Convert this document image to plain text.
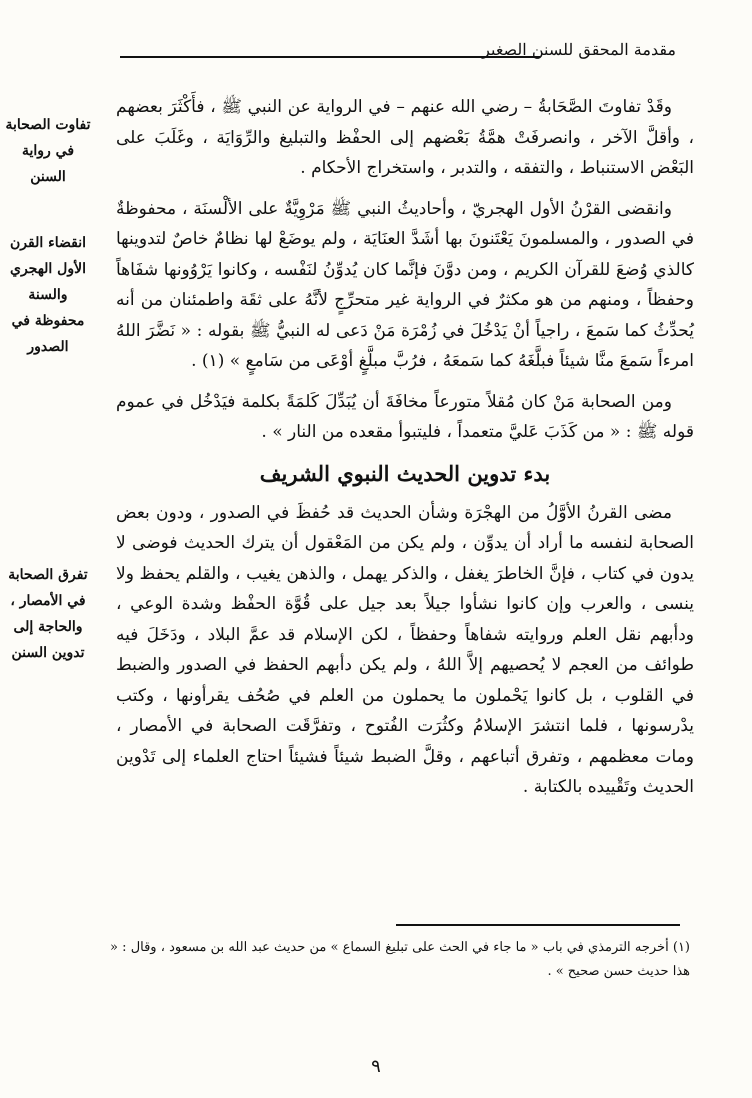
مقدمة المحقق للسنن الصغير
تفاوت الصحابة في رواية السنن
انقضاء القرن الأول الهجري والسنة محفوظة في الصدور
تفرق الصحابة في الأمصار ، والحاجة إلى تدوين السنن

وقَدْ تفاوتَ الصَّحَابةُ – رضي الله عنهم – في الرواية عن النبي ﷺ ، فأَكْثَرَ بعضهم ، وأقلَّ الآخر ، وانصرفَتْ همَّةُ بَعْضهم إلى الحفْظ والتبليغ والرِّوَايَة ، وغَلَبَ على البَعْض الاستنباط ، والتفقه ، والتدبر ، واستخراج الأحكام .

وانقضى القرْنُ الأول الهجريّ ، وأحاديثُ النبي ﷺ مَرْوِيَّةٌ على الألْسنَة ، محفوظةٌ في الصدور ، والمسلمونَ يَعْتَنونَ بها أشَدَّ العنَايَة ، ولم يوضَعْ لها نظامٌ خاصٌ لتدوينها كالذي وُضعَ للقرآن الكريم ، ومن دوَّنَ فإنَّما كان يُدوِّنُ لنَفْسه ، وكانوا يَرْوُونها شفَاهاً وحفظاً ، ومنهم من هو مكثرٌ في الرواية غير متحرِّجٍ لأنَّهُ على ثقَة واطمئنان من أنه يُحدِّثُ كما سَمعَ ، راجياً أنْ يَدْخُلَ في زُمْرَة مَنْ دَعى له النبيُّ ﷺ بقوله : « نَضَّرَ اللهُ امرءاً سَمعَ منَّا شيئاً فبلَّغَهُ كما سَمعَهُ ، فرُبَّ مبلَّغٍ أوْعَى من سَامعٍ » (١) .

ومن الصحابة مَنْ كان مُقلاً متورعاً مخافَةَ أن يُبَدِّلَ كَلمَةً بكلمة فيَدْخُل في عموم قوله ﷺ : « من كَذَبَ عَليَّ متعمداً ، فليتبوأ مقعده من النار » .

بدء تدوين الحديث النبوي الشريف

مضى القرنُ الأوَّلُ من الهجْرَة وشأن الحديث قد حُفظَ في الصدور ، ودون بعض الصحابة لنفسه ما أراد أن يدوِّن ، ولم يكن من المَعْقول أن يترك الحديث فوضى لا يدون في كتاب ، فإنَّ الخاطرَ يغفل ، والذكر يهمل ، والذهن يغيب ، والقلم يحفظ ولا ينسى ، والعرب وإن كانوا نشأوا جيلاً بعد جيل على قُوَّة الحفْظ وشدة الوعي ، ودأبهم نقل العلم وروايته شفاهاً وحفظاً ، لكن الإسلام قد عمَّ البلاد ، ودَخَلَ فيه طوائف من العجم لا يُحصيهم إلاَّ اللهُ ، ولم يكن دأبهم الحفظ في الصدور والضبط في القلوب ، بل كانوا يَحْملون ما يحملون من العلم في صُحُف يقرأونها ، وكتب يدْرسونها ، فلما انتشرَ الإسلامُ وكثُرَت الفُتوح ، وتفرَّقَت الصحابة في الأمصار ، ومات معظمهم ، وتفرق أتباعهم ، وقلَّ الضبط شيئاً فشيئاً احتاج العلماء إلى تَدْوين الحديث وتَقْييده بالكتابة .

(١) أخرجه الترمذي في باب « ما جاء في الحث على تبليغ السماع » من حديث عبد الله بن مسعود ، وقال : « هذا حديث حسن صحيح » .
٩
